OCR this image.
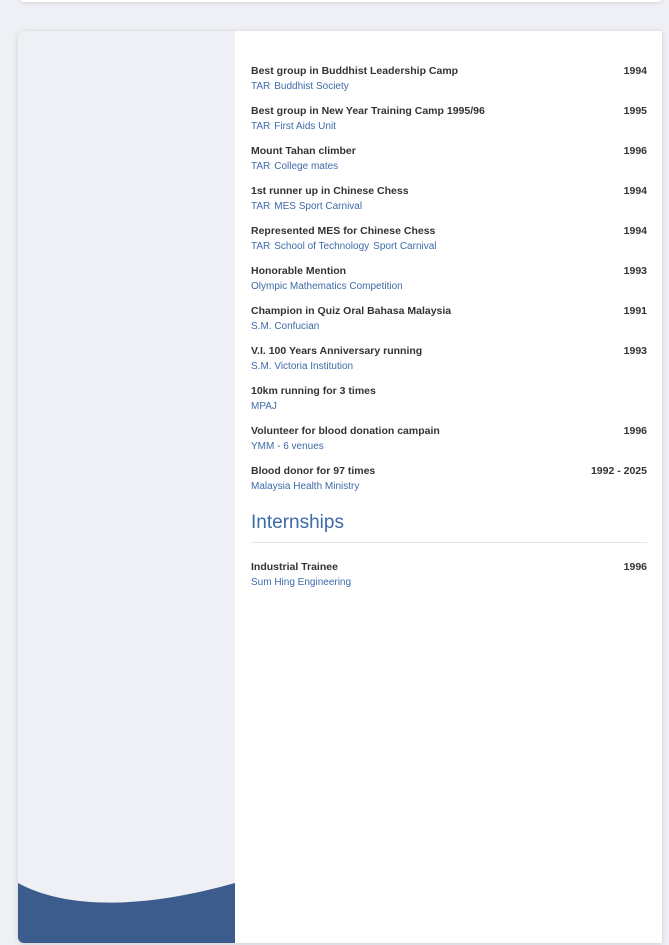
Best group in Buddhist Leadership Camp	1994
TAR Buddhist Society
Best group in New Year Training Camp 1995/96	1995
TAR First Aids Unit
Mount Tahan climber	1996
TAR College mates
1st runner up in Chinese Chess	1994
TAR MES Sport Carnival
Represented MES for Chinese Chess	1994
TAR School of Technology Sport Carnival
Honorable Mention	1993
Olympic Mathematics Competition
Champion in Quiz Oral Bahasa Malaysia	1991
S.M. Confucian
V.I. 100 Years Anniversary running	1993
S.M. Victoria Institution
10km running for 3 times
MPAJ
Volunteer for blood donation campain	1996
YMM - 6 venues
Blood donor for 97 times	1992 - 2025
Malaysia Health Ministry
Internships
Industrial Trainee	1996
Sum Hing Engineering
